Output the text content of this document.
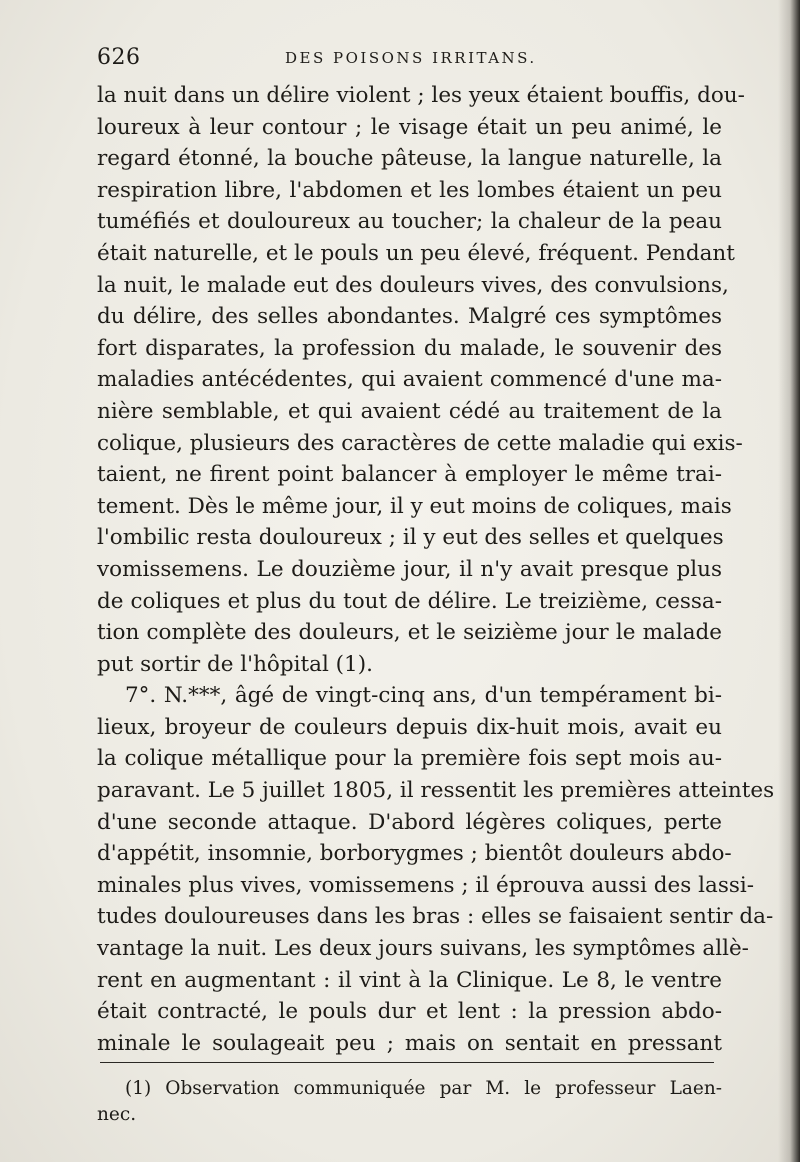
626	DES POISONS IRRITANS.
la nuit dans un délire violent ; les yeux étaient bouffis, dou-
loureux à leur contour ; le visage était un peu animé, le
regard étonné, la bouche pâteuse, la langue naturelle, la
respiration libre, l'abdomen et les lombes étaient un peu
tuméfiés et douloureux au toucher; la chaleur de la peau
était naturelle, et le pouls un peu élevé, fréquent. Pendant
la nuit, le malade eut des douleurs vives, des convulsions,
du délire, des selles abondantes. Malgré ces symptômes
fort disparates, la profession du malade, le souvenir des
maladies antécédentes, qui avaient commencé d'une ma-
nière semblable, et qui avaient cédé au traitement de la
colique, plusieurs des caractères de cette maladie qui exis-
taient, ne firent point balancer à employer le même trai-
tement. Dès le même jour, il y eut moins de coliques, mais
l'ombilic resta douloureux ; il y eut des selles et quelques
vomissemens. Le douzième jour, il n'y avait presque plus
de coliques et plus du tout de délire. Le treizième, cessa-
tion complète des douleurs, et le seizième jour le malade
put sortir de l'hôpital (1).
7°. N.***, âgé de vingt-cinq ans, d'un tempérament bi-
lieux, broyeur de couleurs depuis dix-huit mois, avait eu
la colique métallique pour la première fois sept mois au-
paravant. Le 5 juillet 1805, il ressentit les premières atteintes
d'une seconde attaque. D'abord légères coliques, perte
d'appétit, insomnie, borborygmes ; bientôt douleurs abdo-
minales plus vives, vomissemens ; il éprouva aussi des lassi-
tudes douloureuses dans les bras : elles se faisaient sentir da-
vantage la nuit. Les deux jours suivans, les symptômes allè-
rent en augmentant : il vint à la Clinique. Le 8, le ventre
était contracté, le pouls dur et lent : la pression abdo-
minale le soulageait peu ; mais on sentait en pressant
(1) Observation communiquée par M. le professeur Laen-
nec.
